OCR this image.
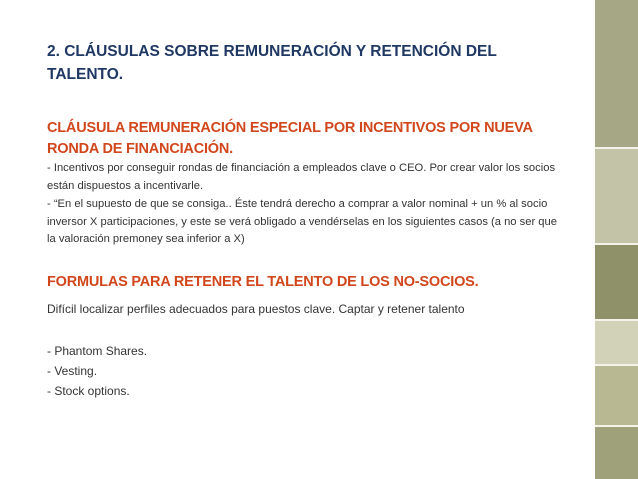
2. CLÁUSULAS SOBRE REMUNERACIÓN Y RETENCIÓN DEL TALENTO.
CLÁUSULA REMUNERACIÓN ESPECIAL POR INCENTIVOS POR NUEVA RONDA DE FINANCIACIÓN.
- Incentivos por conseguir rondas de financiación a empleados clave o CEO. Por crear valor los socios están dispuestos a incentivarle.
- “En el supuesto de que se consiga.. Éste tendrá derecho a comprar a valor nominal + un % al socio inversor X participaciones, y este se verá obligado a vendérselas en los siguientes casos (a no ser que la valoración premoney sea inferior a X)
FORMULAS PARA RETENER EL TALENTO DE LOS NO-SOCIOS.
Difícil localizar perfiles adecuados para puestos clave. Captar y retener talento
- Phantom Shares.
- Vesting.
- Stock options.
